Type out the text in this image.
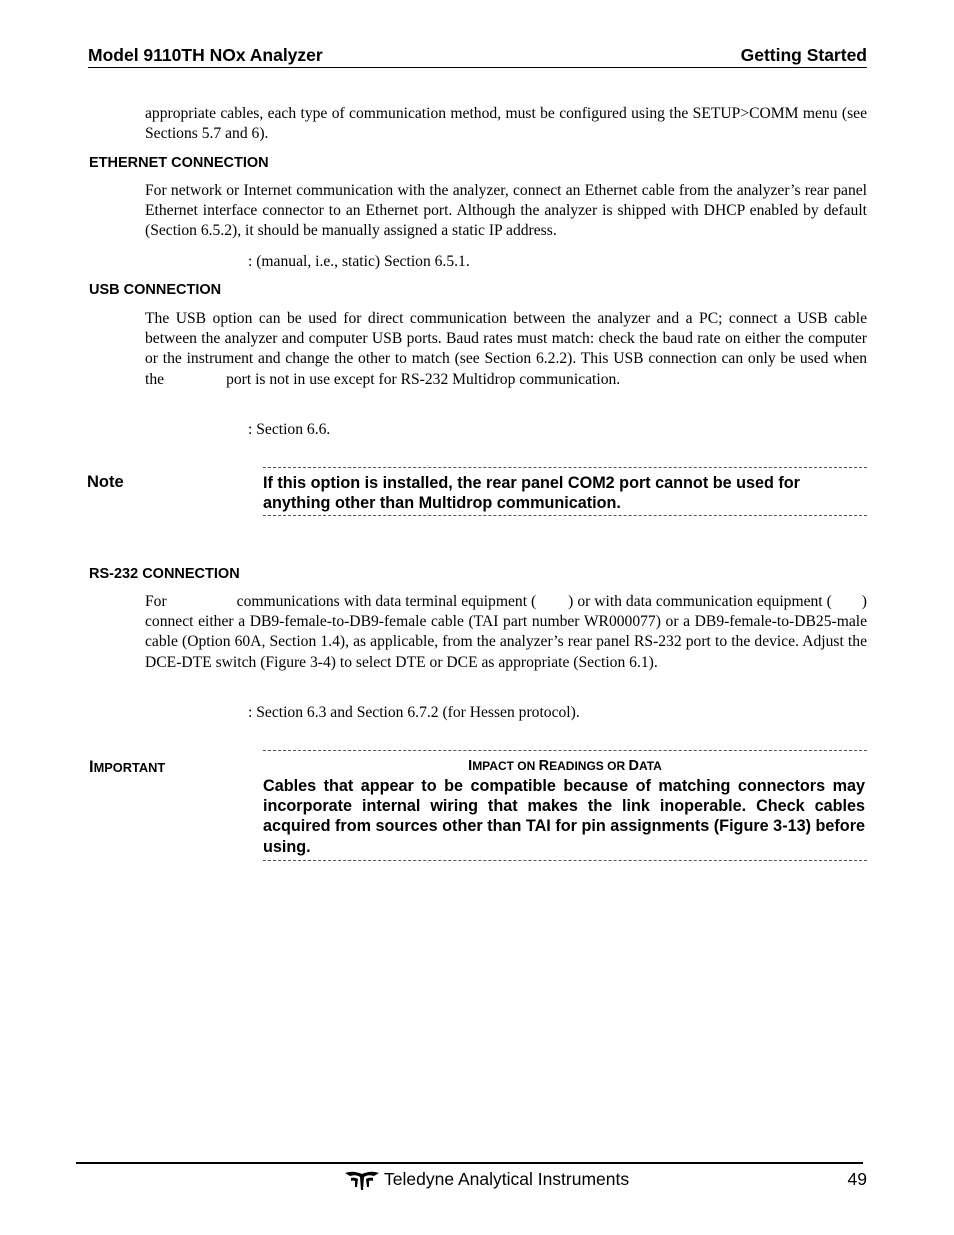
Model 9110TH NOx Analyzer	Getting Started
appropriate cables, each type of communication method, must be configured using the SETUP>COMM menu (see Sections 5.7 and 6).
ETHERNET CONNECTION
For network or Internet communication with the analyzer, connect an Ethernet cable from the analyzer’s rear panel Ethernet interface connector to an Ethernet port. Although the analyzer is shipped with DHCP enabled by default (Section 6.5.2), it should be manually assigned a static IP address.
: (manual, i.e., static) Section 6.5.1.
USB CONNECTION
The USB option can be used for direct communication between the analyzer and a PC; connect a USB cable between the analyzer and computer USB ports. Baud rates must match: check the baud rate on either the computer or the instrument and change the other to match (see Section 6.2.2). This USB connection can only be used when the	port is not in use except for RS-232 Multidrop communication.
: Section 6.6.
Note	If this option is installed, the rear panel COM2 port cannot be used for anything other than Multidrop communication.
RS-232 CONNECTION
For	communications with data terminal equipment ( ) or with data communication equipment ( ) connect either a DB9-female-to-DB9-female cable (TAI part number WR000077) or a DB9-female-to-DB25-male cable (Option 60A, Section 1.4), as applicable, from the analyzer’s rear panel RS-232 port to the device. Adjust the DCE-DTE switch (Figure 3-4) to select DTE or DCE as appropriate (Section 6.1).
: Section 6.3 and Section 6.7.2 (for Hessen protocol).
IMPORTANT	IMPACT ON READINGS OR DATA
Cables that appear to be compatible because of matching connectors may incorporate internal wiring that makes the link inoperable. Check cables acquired from sources other than TAI for pin assignments (Figure 3-13) before using.
Teledyne Analytical Instruments	49
